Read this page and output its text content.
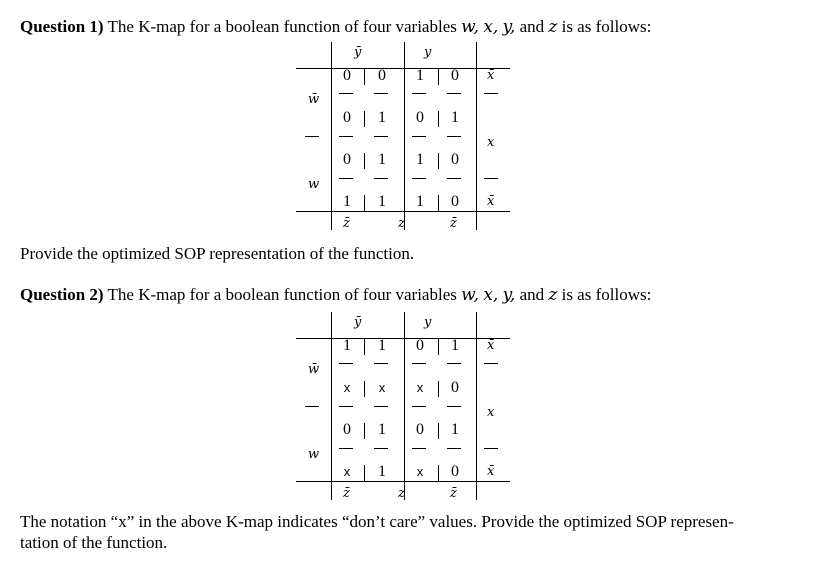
Question 1) The K-map for a boolean function of four variables w, x, y, and z is as follows:
ȳ	y
z̄	z	z̄
w̄
w
x̄
x
x̄
0	0	1	0
0	1	0	1
0	1	1	0
1	1	1	0
Provide the optimized SOP representation of the function.
Question 2) The K-map for a boolean function of four variables w, x, y, and z is as follows:
ȳ	y
z̄	z	z̄
w̄
w
x̄
x
x̄
1	1	0	1
x	x	x	0
0	1	0	1
x	1	x	0
The notation “x” in the above K-map indicates “don’t care” values. Provide the optimized SOP represen-
tation of the function.
